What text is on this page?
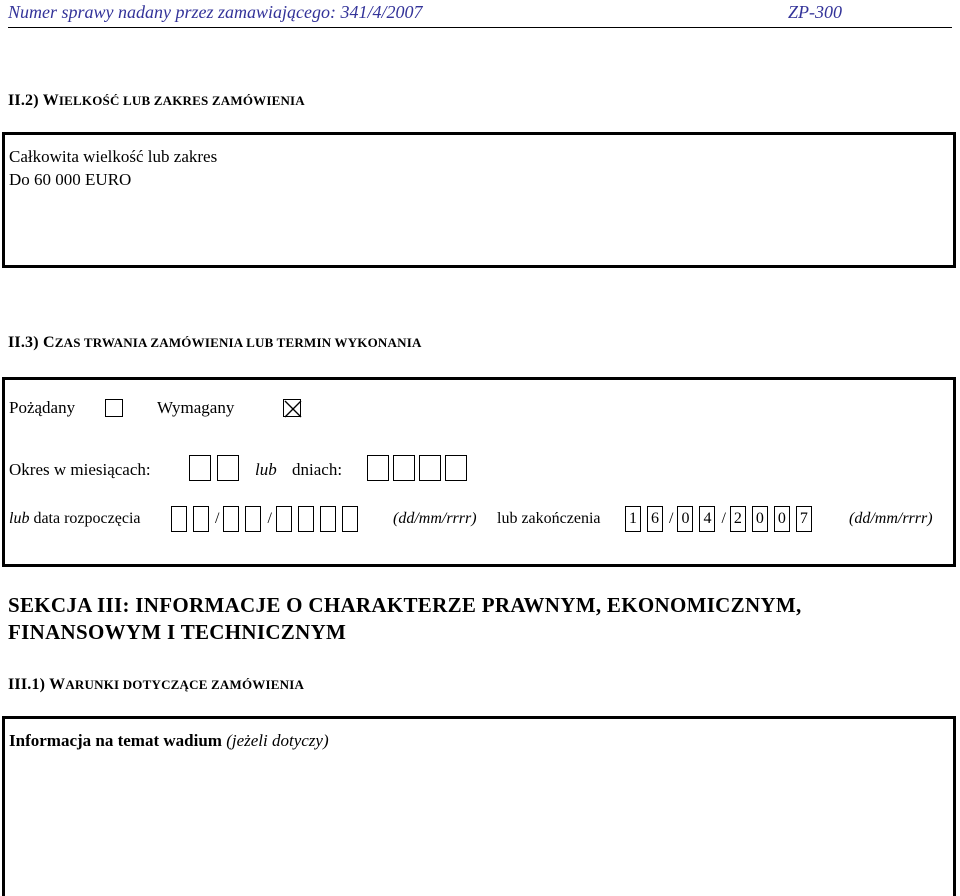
Numer sprawy nadany przez zamawiającego: 341/4/2007	ZP-300
II.2) WIELKOŚĆ LUB ZAKRES ZAMÓWIENIA
Całkowita wielkość lub zakres
Do 60 000 EURO
II.3) CZAS TRWANIA ZAMÓWIENIA LUB TERMIN WYKONANIA
Pożądany
	Wymagany
Okres w miesiącach:	lub dniach:
lub data rozpoczęcia	/	/	(dd/mm/rrrr) lub zakończenia 1 6 / 0 4 / 2 0 0 7	(dd/mm/rrrr)
SEKCJA III: INFORMACJE O CHARAKTERZE PRAWNYM, EKONOMICZNYM,
FINANSOWYM I TECHNICZNYM
III.1) WARUNKI DOTYCZĄCE ZAMÓWIENIA
Informacja na temat wadium (jeżeli dotyczy)
